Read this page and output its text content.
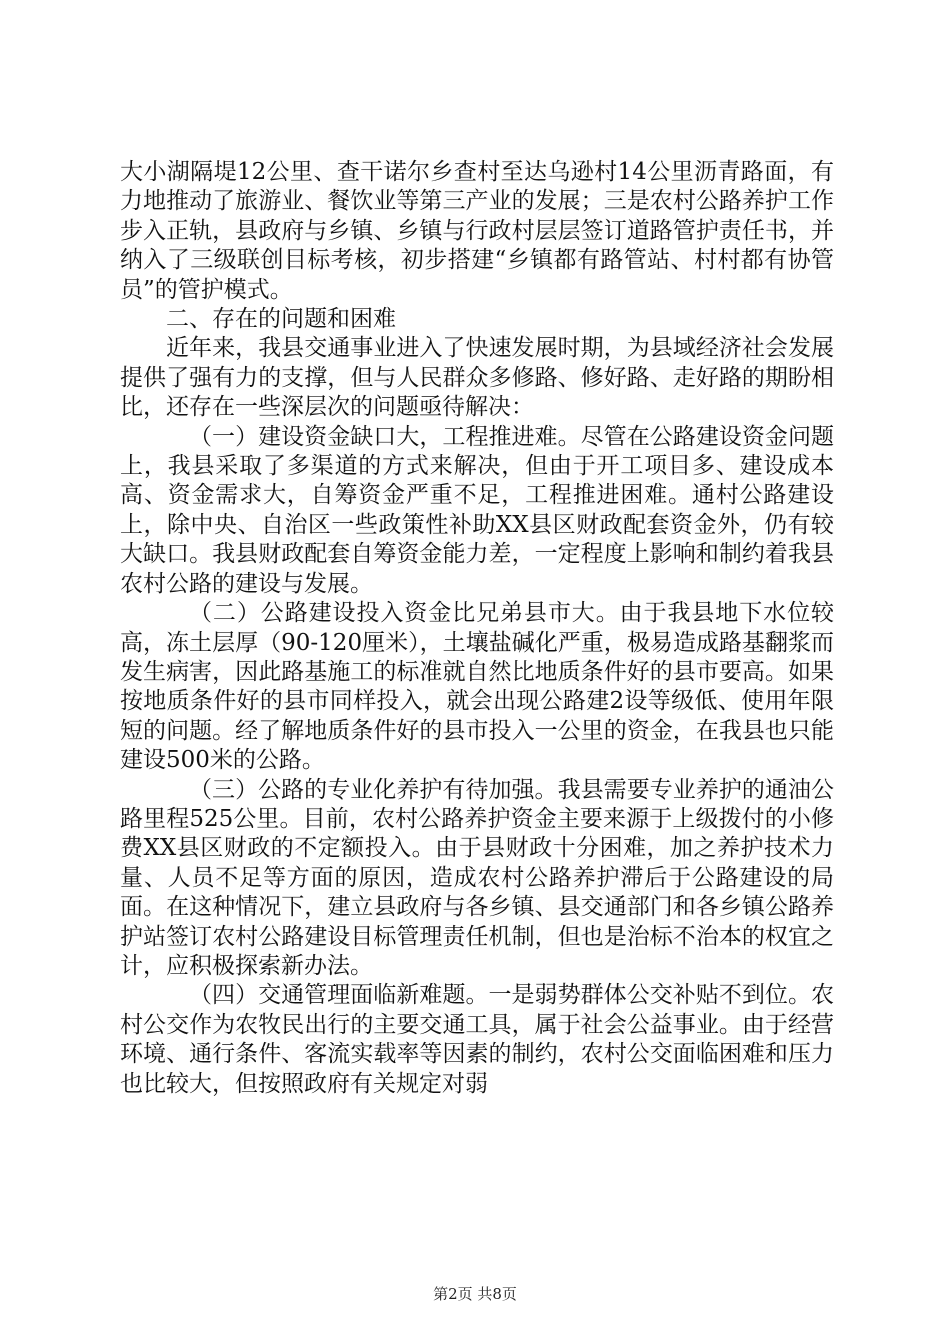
大小湖隔堤12公里、查干诺尔乡查村至达乌逊村14公里沥青路面，有力地推动了旅游业、餐饮业等第三产业的发展；三是农村公路养护工作步入正轨，县政府与乡镇、乡镇与行政村层层签订道路管护责任书，并纳入了三级联创目标考核，初步搭建“乡镇都有路管站、村村都有协管员”的管护模式。

二、存在的问题和困难

近年来，我县交通事业进入了快速发展时期，为县域经济社会发展提供了强有力的支撑，但与人民群众多修路、修好路、走好路的期盼相比，还存在一些深层次的问题亟待解决：

（一）建设资金缺口大，工程推进难。尽管在公路建设资金问题上，我县采取了多渠道的方式来解决，但由于开工项目多、建设成本高、资金需求大，自筹资金严重不足，工程推进困难。通村公路建设上，除中央、自治区一些政策性补助XX县区财政配套资金外，仍有较大缺口。我县财政配套自筹资金能力差，一定程度上影响和制约着我县农村公路的建设与发展。

（二）公路建设投入资金比兄弟县市大。由于我县地下水位较高，冻土层厚（90-120厘米），土壤盐碱化严重，极易造成路基翻浆而发生病害，因此路基施工的标准就自然比地质条件好的县市要高。如果按地质条件好的县市同样投入，就会出现公路建2设等级低、使用年限短的问题。经了解地质条件好的县市投入一公里的资金，在我县也只能建设500米的公路。

（三）公路的专业化养护有待加强。我县需要专业养护的通油公路里程525公里。目前，农村公路养护资金主要来源于上级拨付的小修费XX县区财政的不定额投入。由于县财政十分困难，加之养护技术力量、人员不足等方面的原因，造成农村公路养护滞后于公路建设的局面。在这种情况下，建立县政府与各乡镇、县交通部门和各乡镇公路养护站签订农村公路建设目标管理责任机制，但也是治标不治本的权宜之计，应积极探索新办法。

（四）交通管理面临新难题。一是弱势群体公交补贴不到位。农村公交作为农牧民出行的主要交通工具，属于社会公益事业。由于经营环境、通行条件、客流实载率等因素的制约，农村公交面临困难和压力也比较大，但按照政府有关规定对弱

第2页 共8页
